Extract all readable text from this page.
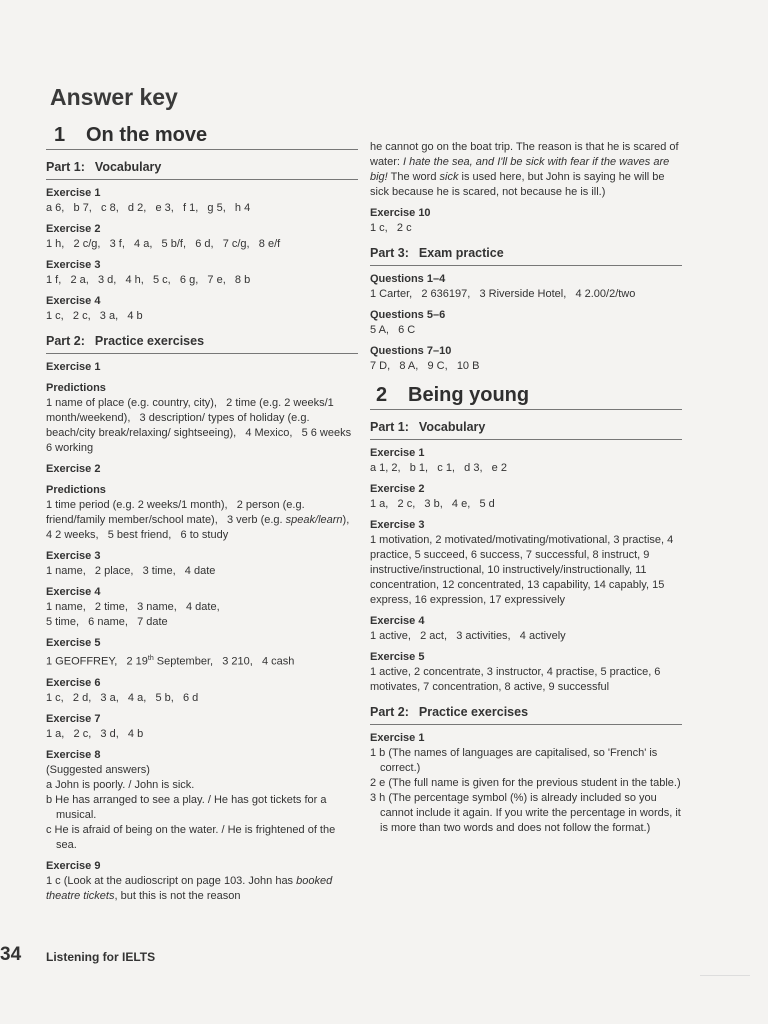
Answer key
1 On the move
Part 1: Vocabulary
Exercise 1
a 6,   b 7,   c 8,   d 2,   e 3,   f 1,   g 5,   h 4
Exercise 2
1 h,   2 c/g,   3 f,   4 a,   5 b/f,   6 d,   7 c/g,   8 e/f
Exercise 3
1 f,   2 a,   3 d,   4 h,   5 c,   6 g,   7 e,   8 b
Exercise 4
1 c,   2 c,   3 a,   4 b
Part 2: Practice exercises
Exercise 1
Predictions
1 name of place (e.g. country, city),   2 time (e.g. 2 weeks/1 month/weekend),   3 description/ types of holiday (e.g. beach/city break/relaxing/ sightseeing),   4 Mexico,   5 6 weeks   6 working
Exercise 2
Predictions
1 time period (e.g. 2 weeks/1 month),   2 person (e.g. friend/family member/school mate),   3 verb (e.g. speak/learn),   4 2 weeks,   5 best friend,   6 to study
Exercise 3
1 name,   2 place,   3 time,   4 date
Exercise 4
1 name,   2 time,   3 name,   4 date,
5 time,   6 name,   7 date
Exercise 5
1 GEOFFREY,   2 19th September,   3 210,   4 cash
Exercise 6
1 c,   2 d,   3 a,   4 a,   5 b,   6 d
Exercise 7
1 a,   2 c,   3 d,   4 b
Exercise 8
(Suggested answers)
a John is poorly. / John is sick.
b He has arranged to see a play. / He has got tickets for a musical.
c He is afraid of being on the water. / He is frightened of the sea.
Exercise 9
1 c (Look at the audioscript on page 103. John has booked theatre tickets, but this is not the reason
he cannot go on the boat trip. The reason is that he is scared of water: I hate the sea, and I'll be sick with fear if the waves are big! The word sick is used here, but John is saying he will be sick because he is scared, not because he is ill.)
Exercise 10
1 c,   2 c
Part 3: Exam practice
Questions 1–4
1 Carter,   2 636197,   3 Riverside Hotel,   4 2.00/2/two
Questions 5–6
5 A,   6 C
Questions 7–10
7 D,   8 A,   9 C,   10 B
2 Being young
Part 1: Vocabulary
Exercise 1
a 1, 2,   b 1,   c 1,   d 3,   e 2
Exercise 2
1 a,   2 c,   3 b,   4 e,   5 d
Exercise 3
1 motivation, 2 motivated/motivating/motivational, 3 practise, 4 practice, 5 succeed, 6 success, 7 successful, 8 instruct, 9 instructive/instructional, 10 instructively/instructionally, 11 concentration, 12 concentrated, 13 capability, 14 capably, 15 express, 16 expression, 17 expressively
Exercise 4
1 active,   2 act,   3 activities,   4 actively
Exercise 5
1 active, 2 concentrate, 3 instructor, 4 practise, 5 practice, 6 motivates, 7 concentration, 8 active, 9 successful
Part 2: Practice exercises
Exercise 1
1 b (The names of languages are capitalised, so 'French' is correct.)
2 e (The full name is given for the previous student in the table.)
3 h (The percentage symbol (%) is already included so you cannot include it again. If you write the percentage in words, it is more than two words and does not follow the format.)
34 Listening for IELTS
